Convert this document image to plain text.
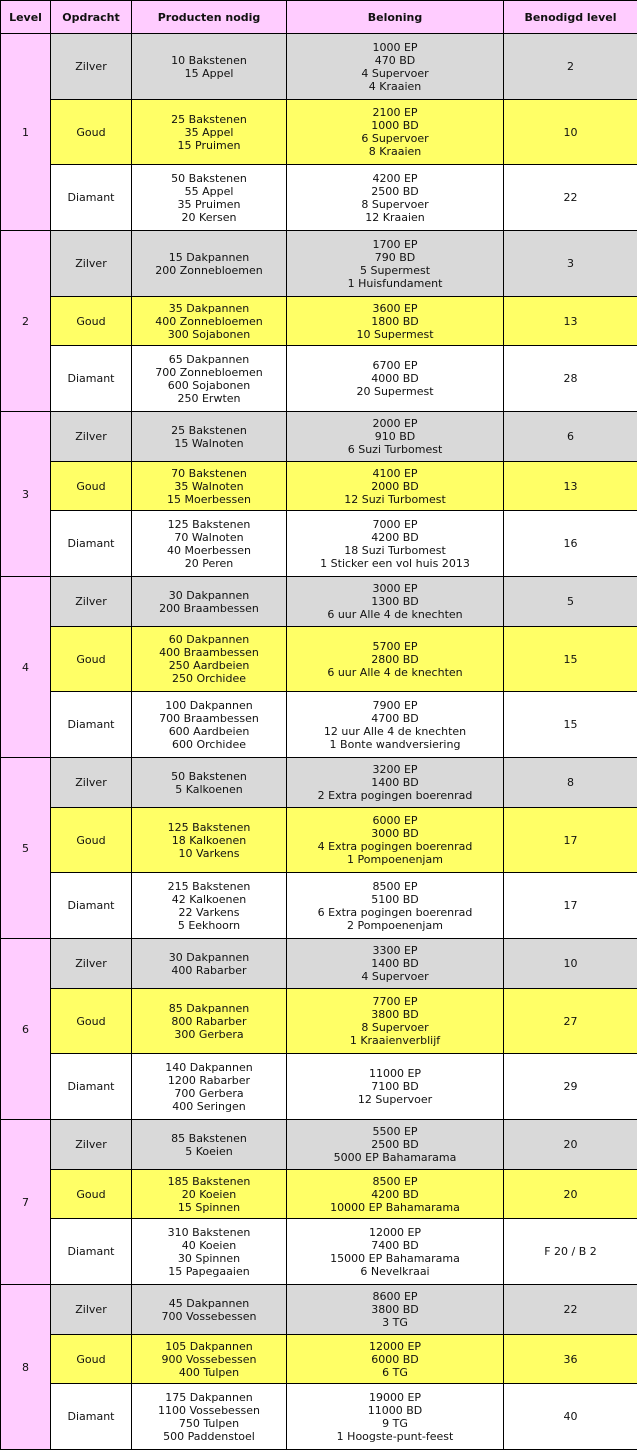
Level	Opdracht	Producten nodig	Beloning	Benodigd level
1	Zilver	10 Bakstenen
15 Appel	1000 EP
470 BD
4 Supervoer
4 Kraaien	2
	Goud	25 Bakstenen
35 Appel
15 Pruimen	2100 EP
1000 BD
6 Supervoer
8 Kraaien	10
	Diamant	50 Bakstenen
55 Appel
35 Pruimen
20 Kersen	4200 EP
2500 BD
8 Supervoer
12 Kraaien	22
2	Zilver	15 Dakpannen
200 Zonnebloemen	1700 EP
790 BD
5 Supermest
1 Huisfundament	3
	Goud	35 Dakpannen
400 Zonnebloemen
300 Sojabonen	3600 EP
1800 BD
10 Supermest	13
	Diamant	65 Dakpannen
700 Zonnebloemen
600 Sojabonen
250 Erwten	6700 EP
4000 BD
20 Supermest	28
3	Zilver	25 Bakstenen
15 Walnoten	2000 EP
910 BD
6 Suzi Turbomest	6
	Goud	70 Bakstenen
35 Walnoten
15 Moerbessen	4100 EP
2000 BD
12 Suzi Turbomest	13
	Diamant	125 Bakstenen
70 Walnoten
40 Moerbessen
20 Peren	7000 EP
4200 BD
18 Suzi Turbomest
1 Sticker een vol huis 2013	16
4	Zilver	30 Dakpannen
200 Braambessen	3000 EP
1300 BD
6 uur Alle 4 de knechten	5
	Goud	60 Dakpannen
400 Braambessen
250 Aardbeien
250 Orchidee	5700 EP
2800 BD
6 uur Alle 4 de knechten	15
	Diamant	100 Dakpannen
700 Braambessen
600 Aardbeien
600 Orchidee	7900 EP
4700 BD
12 uur Alle 4 de knechten
1 Bonte wandversiering	15
5	Zilver	50 Bakstenen
5 Kalkoenen	3200 EP
1400 BD
2 Extra pogingen boerenrad	8
	Goud	125 Bakstenen
18 Kalkoenen
10 Varkens	6000 EP
3000 BD
4 Extra pogingen boerenrad
1 Pompoenenjam	17
	Diamant	215 Bakstenen
42 Kalkoenen
22 Varkens
5 Eekhoorn	8500 EP
5100 BD
6 Extra pogingen boerenrad
2 Pompoenenjam	17
6	Zilver	30 Dakpannen
400 Rabarber	3300 EP
1400 BD
4 Supervoer	10
	Goud	85 Dakpannen
800 Rabarber
300 Gerbera	7700 EP
3800 BD
8 Supervoer
1 Kraaienverblijf	27
	Diamant	140 Dakpannen
1200 Rabarber
700 Gerbera
400 Seringen	11000 EP
7100 BD
12 Supervoer	29
7	Zilver	85 Bakstenen
5 Koeien	5500 EP
2500 BD
5000 EP Bahamarama	20
	Goud	185 Bakstenen
20 Koeien
15 Spinnen	8500 EP
4200 BD
10000 EP Bahamarama	20
	Diamant	310 Bakstenen
40 Koeien
30 Spinnen
15 Papegaaien	12000 EP
7400 BD
15000 EP Bahamarama
6 Nevelkraai	F 20 / B 2
8	Zilver	45 Dakpannen
700 Vossebessen	8600 EP
3800 BD
3 TG	22
	Goud	105 Dakpannen
900 Vossebessen
400 Tulpen	12000 EP
6000 BD
6 TG	36
	Diamant	175 Dakpannen
1100 Vossebessen
750 Tulpen
500 Paddenstoel	19000 EP
11000 BD
9 TG
1 Hoogste-punt-feest	40
